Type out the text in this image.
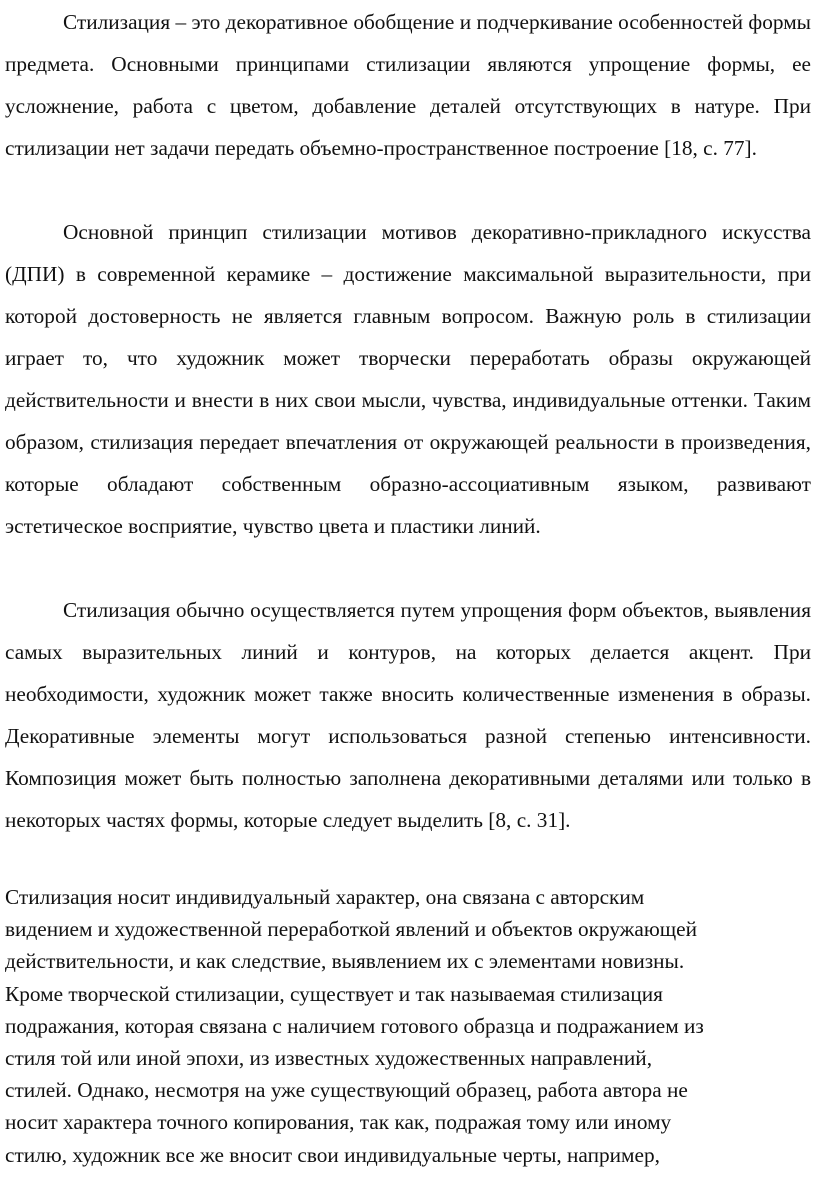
Стилизация – это декоративное обобщение и подчеркивание особенностей формы предмета. Основными принципами стилизации являются упрощение формы, ее усложнение, работа с цветом, добавление деталей отсутствующих в натуре. При стилизации нет задачи передать объемно-пространственное построение [18, с. 77].

Основной принцип стилизации мотивов декоративно-прикладного искусства (ДПИ) в современной керамике – достижение максимальной выразительности, при которой достоверность не является главным вопросом. Важную роль в стилизации играет то, что художник может творчески переработать образы окружающей действительности и внести в них свои мысли, чувства, индивидуальные оттенки. Таким образом, стилизация передает впечатления от окружающей реальности в произведения, которые обладают собственным образно-ассоциативным языком, развивают эстетическое восприятие, чувство цвета и пластики линий.

Стилизация обычно осуществляется путем упрощения форм объектов, выявления самых выразительных линий и контуров, на которых делается акцент. При необходимости, художник может также вносить количественные изменения в образы. Декоративные элементы могут использоваться разной степенью интенсивности. Композиция может быть полностью заполнена декоративными деталями или только в некоторых частях формы, которые следует выделить [8, с. 31].

Стилизация носит индивидуальный характер, она связана с авторским
видением и художественной переработкой явлений и объектов окружающей
действительности, и как следствие, выявлением их с элементами новизны.
Кроме творческой стилизации, существует и так называемая стилизация
подражания, которая связана с наличием готового образца и подражанием из
стиля той или иной эпохи, из известных художественных направлений,
стилей. Однако, несмотря на уже существующий образец, работа автора не
носит характера точного копирования, так как, подражая тому или иному
стилю, художник все же вносит свои индивидуальные черты, например,
